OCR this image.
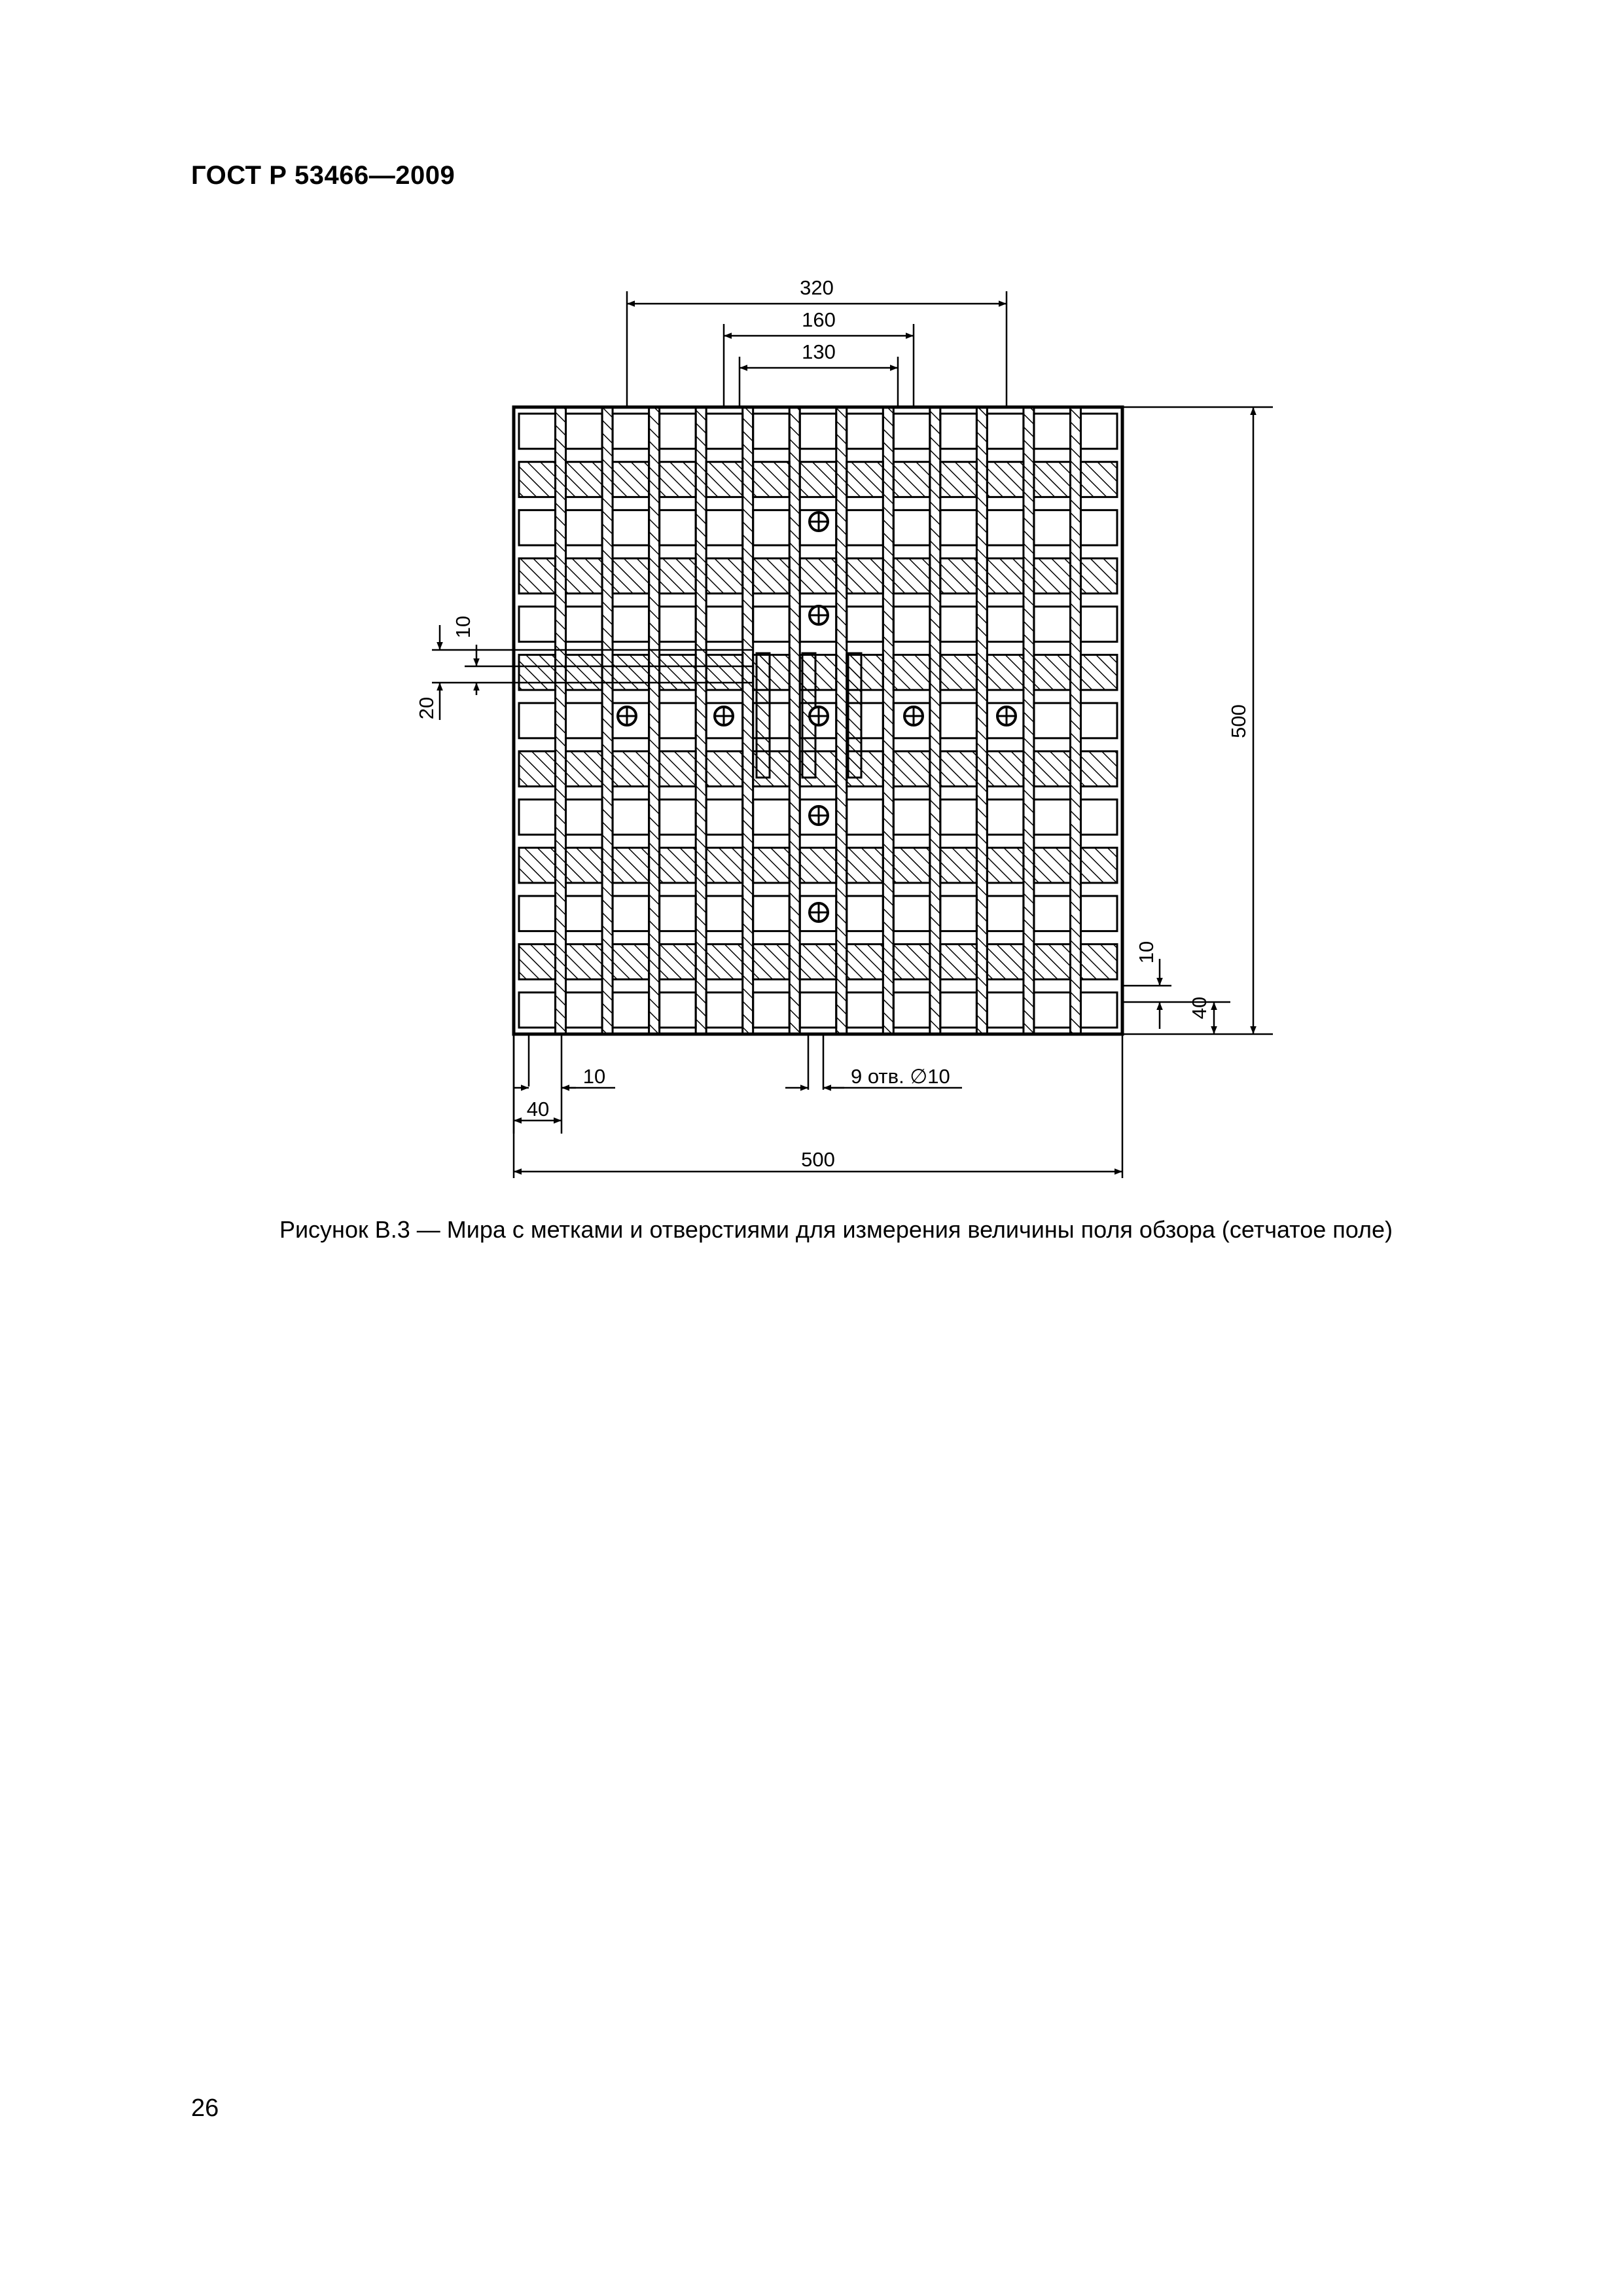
ГОСТ Р 53466—2009
320
160
130
500
10
40
10
20
10
40
9 отв. ∅10
500
Рисунок В.3 — Мира с метками и отверстиями для измерения величины поля обзора (сетчатое поле)
26
